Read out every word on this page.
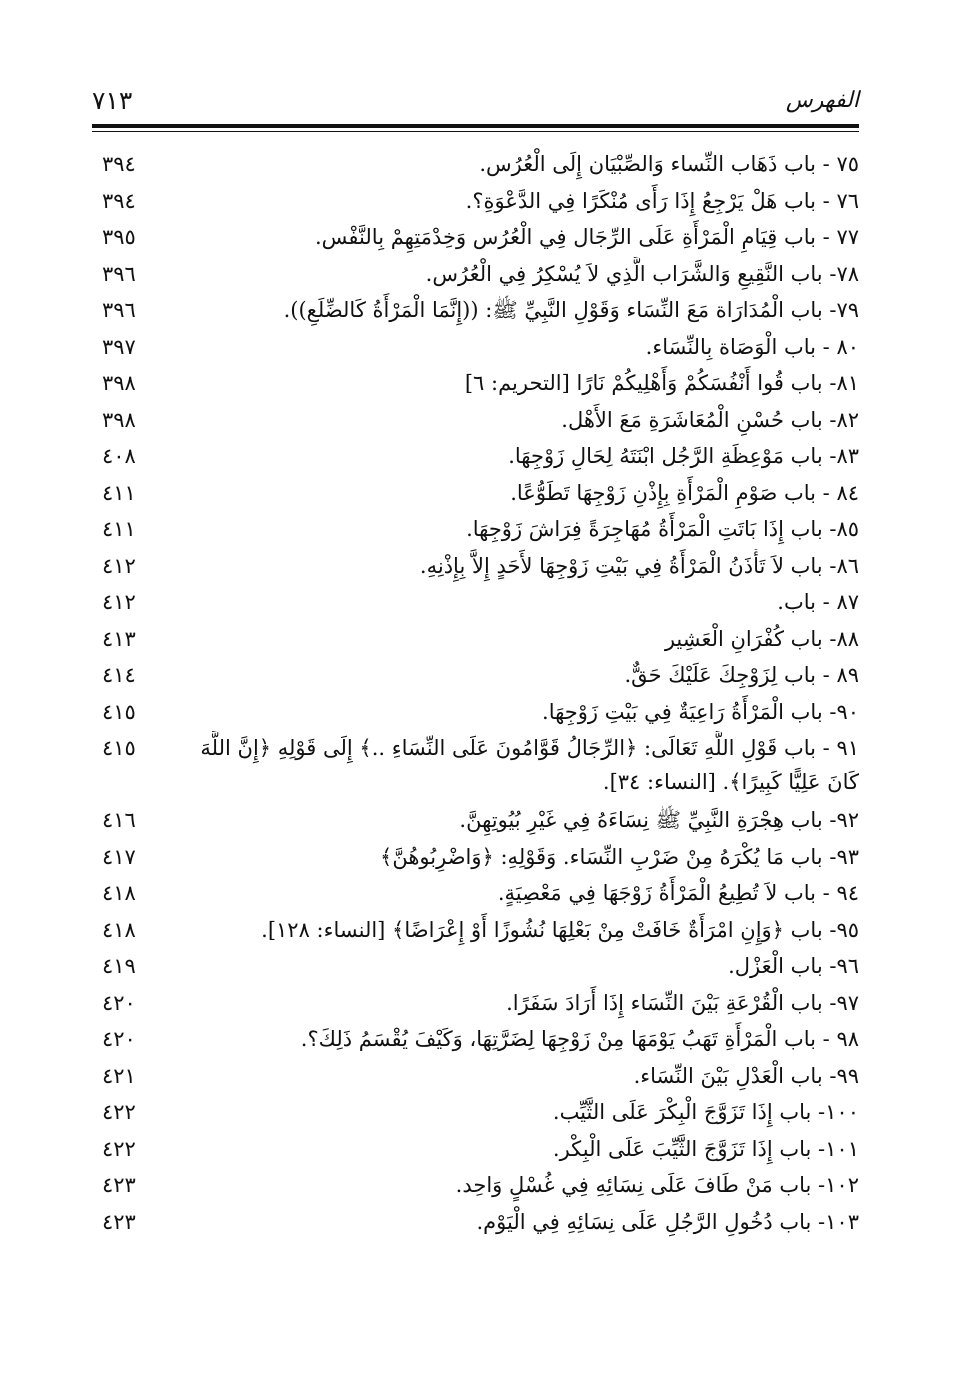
الفهرس
٧١٣
٧٥ - باب ذَهَاب النِّساء وَالصِّبْيَان إِلَى الْعُرُس.
٣٩٤
٧٦ - باب هَلْ يَرْجِعُ إِذَا رَأَى مُنْكَرًا فِي الدَّعْوَةِ؟.
٣٩٤
٧٧ - باب قِيَامِ الْمَرْأَةِ عَلَى الرِّجَال فِي الْعُرُس وَخِدْمَتِهِمْ بِالنَّفْس.
٣٩٥
٧٨- باب النَّقِيعِ وَالشَّرَاب الَّذِي لاَ يُسْكِرُ فِي الْعُرُس.
٣٩٦
٧٩- باب الْمُدَارَاة مَعَ النِّسَاء وَقَوْلِ النَّبِيِّ ﷺ: ((إِنَّمَا الْمَرْأَةُ كَالضِّلَعِ)).
٣٩٦
٨٠ - باب الْوَصَاة بِالنِّسَاء.
٣٩٧
٨١- باب قُوا أَنْفُسَكُمْ وَأَهْلِيكُمْ نَارًا [التحريم: ٦]
٣٩٨
٨٢- باب حُسْنِ الْمُعَاشَرَةِ مَعَ الأَهْل.
٣٩٨
٨٣- باب مَوْعِظَةِ الرَّجُل ابْنَتَهُ لِحَالِ زَوْجِهَا.
٤٠٨
٨٤ - باب صَوْمِ الْمَرْأَةِ بِإِذْنِ زَوْجِهَا تَطَوُّعًا.
٤١١
٨٥- باب إِذَا بَاتَتِ الْمَرْأَةُ مُهَاجِرَةً فِرَاشَ زَوْجِهَا.
٤١١
٨٦- باب لاَ تَأْذَنُ الْمَرْأَةُ فِي بَيْتِ زَوْجِهَا لأَحَدٍ إِلاَّ بِإِذْنِهِ.
٤١٢
٨٧ - باب.
٤١٢
٨٨- باب كُفْرَانِ الْعَشِير
٤١٣
٨٩ - باب لِزَوْجِكَ عَلَيْكَ حَقٌّ.
٤١٤
٩٠- باب الْمَرْأَةُ رَاعِيَةٌ فِي بَيْتِ زَوْجِهَا.
٤١٥
٩١ - باب قَوْلِ اللَّهِ تَعَالَى: ﴿الرِّجَالُ قَوَّامُونَ عَلَى النِّسَاءِ ..﴾ إِلَى قَوْلِهِ ﴿إِنَّ اللَّهَ كَانَ عَلِيًّا كَبِيرًا﴾. [النساء: ٣٤].
٤١٥
٩٢- باب هِجْرَةِ النَّبِيِّ ﷺ نِسَاءَهُ فِي غَيْرِ بُيُوتِهِنَّ.
٤١٦
٩٣- باب مَا يُكْرَهُ مِنْ ضَرْبِ النِّسَاء. وَقَوْلِهِ: ﴿وَاضْرِبُوهُنَّ﴾
٤١٧
٩٤ - باب لاَ تُطِيعُ الْمَرْأَةُ زَوْجَهَا فِي مَعْصِيَةٍ.
٤١٨
٩٥- باب ﴿وَإِنِ امْرَأَةٌ خَافَتْ مِنْ بَعْلِهَا نُشُوزًا أَوْ إِعْرَاضًا﴾ [النساء: ١٢٨].
٤١٨
٩٦- باب الْعَزْل.
٤١٩
٩٧- باب الْقُرْعَةِ بَيْنَ النِّسَاء إِذَا أَرَادَ سَفَرًا.
٤٢٠
٩٨ - باب الْمَرْأَةِ تَهَبُ يَوْمَهَا مِنْ زَوْجِهَا لِضَرَّتِهَا، وَكَيْفَ يُقْسَمُ ذَلِكَ؟.
٤٢٠
٩٩- باب الْعَدْلِ بَيْنَ النِّسَاء.
٤٢١
١٠٠- باب إِذَا تَزَوَّجَ الْبِكْرَ عَلَى الثَّيِّب.
٤٢٢
١٠١- باب إِذَا تَزَوَّجَ الثَّيِّبَ عَلَى الْبِكْر.
٤٢٢
١٠٢- باب مَنْ طَافَ عَلَى نِسَائِهِ فِي غُسْلٍ وَاحِد.
٤٢٣
١٠٣- باب دُخُولِ الرَّجُلِ عَلَى نِسَائِهِ فِي الْيَوْم.
٤٢٣
